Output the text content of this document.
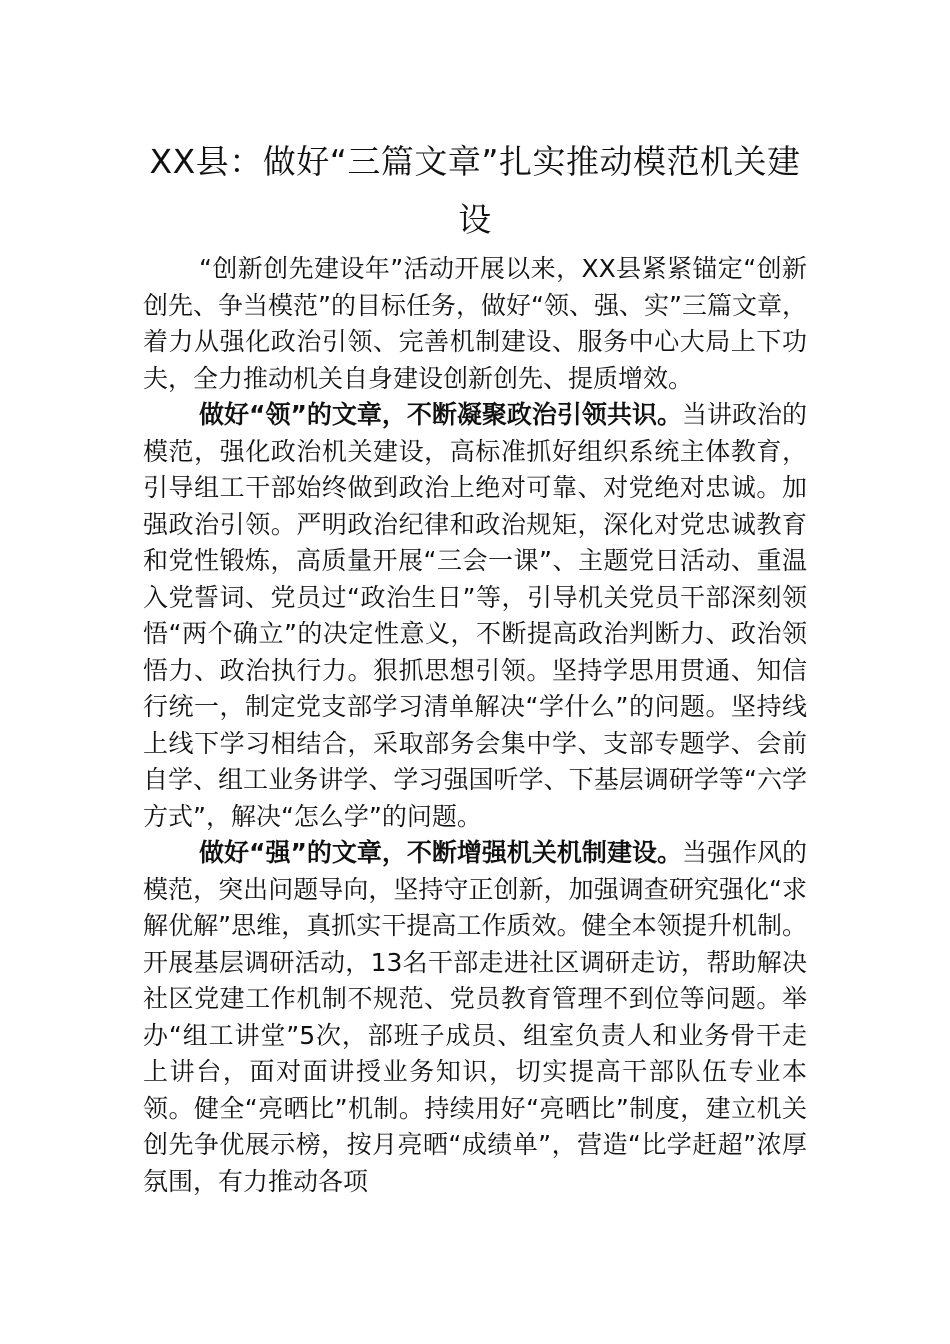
XX县：做好“三篇文章”扎实推动模范机关建设

“创新创先建设年”活动开展以来，XX县紧紧锚定“创新创先、争当模范”的目标任务，做好“领、强、实”三篇文章，着力从强化政治引领、完善机制建设、服务中心大局上下功夫，全力推动机关自身建设创新创先、提质增效。

做好“领”的文章，不断凝聚政治引领共识。当讲政治的模范，强化政治机关建设，高标准抓好组织系统主体教育，引导组工干部始终做到政治上绝对可靠、对党绝对忠诚。加强政治引领。严明政治纪律和政治规矩，深化对党忠诚教育和党性锻炼，高质量开展“三会一课”、主题党日活动、重温入党誓词、党员过“政治生日”等，引导机关党员干部深刻领悟“两个确立”的决定性意义，不断提高政治判断力、政治领悟力、政治执行力。狠抓思想引领。坚持学思用贯通、知信行统一，制定党支部学习清单解决“学什么”的问题。坚持线上线下学习相结合，采取部务会集中学、支部专题学、会前自学、组工业务讲学、学习强国听学、下基层调研学等“六学方式”，解决“怎么学”的问题。

做好“强”的文章，不断增强机关机制建设。当强作风的模范，突出问题导向，坚持守正创新，加强调查研究强化“求解优解”思维，真抓实干提高工作质效。健全本领提升机制。开展基层调研活动，13名干部走进社区调研走访，帮助解决社区党建工作机制不规范、党员教育管理不到位等问题。举办“组工讲堂”5次，部班子成员、组室负责人和业务骨干走上讲台，面对面讲授业务知识，切实提高干部队伍专业本领。健全“亮晒比”机制。持续用好“亮晒比”制度，建立机关创先争优展示榜，按月亮晒“成绩单”，营造“比学赶超”浓厚氛围，有力推动各项
